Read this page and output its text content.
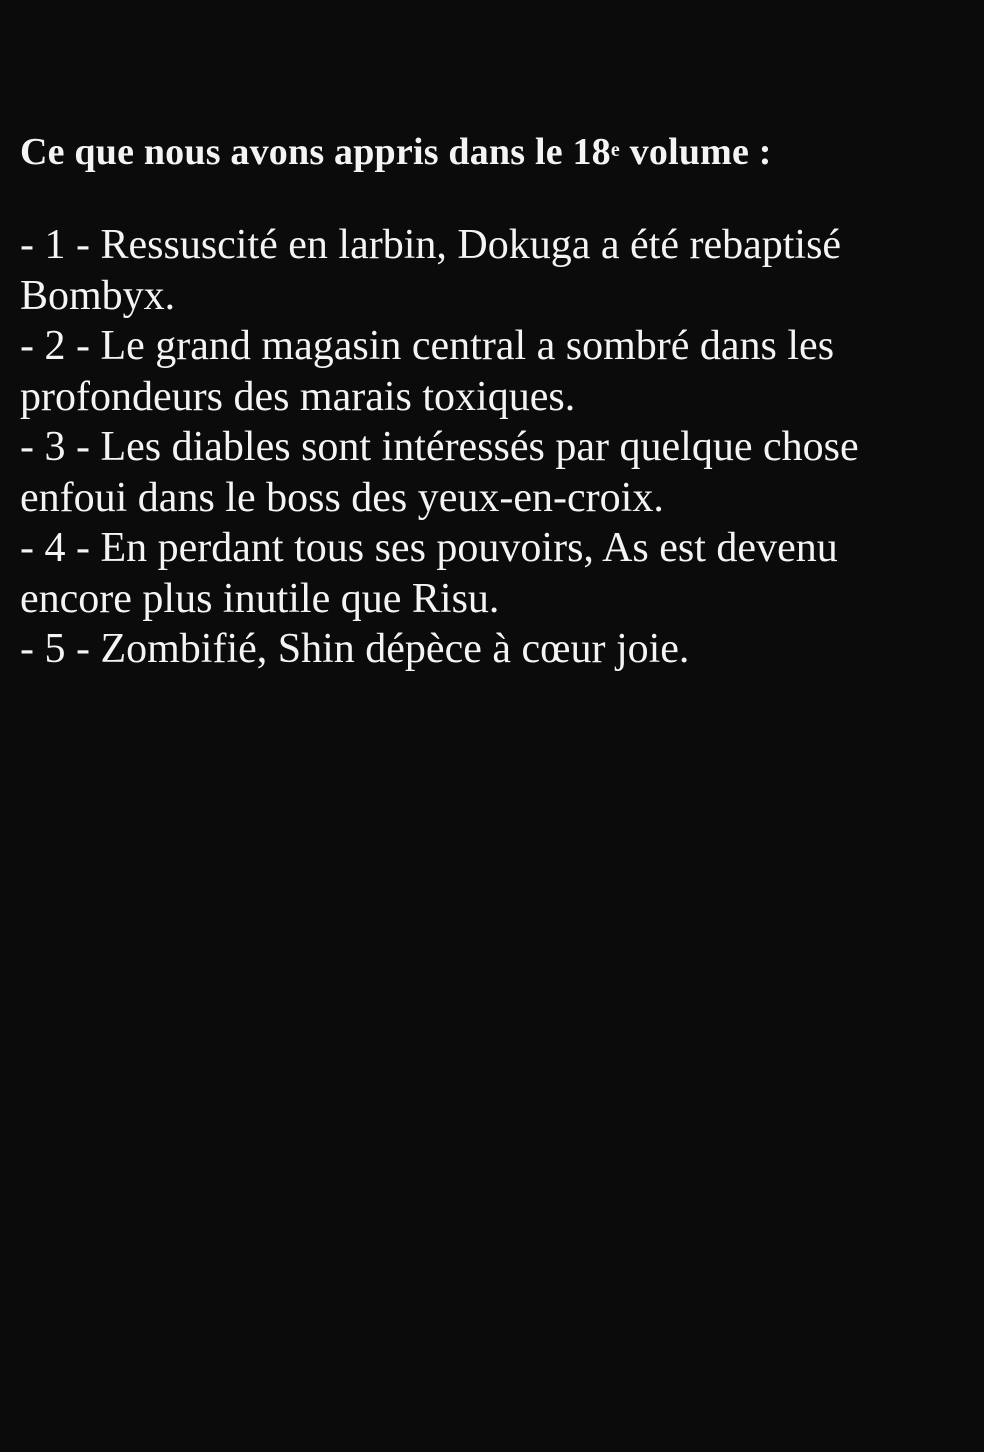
Ce que nous avons appris dans le 18e volume :

- 1 - Ressuscité en larbin, Dokuga a été rebaptisé Bombyx.

- 2 - Le grand magasin central a sombré dans les profondeurs des marais toxiques.

- 3 - Les diables sont intéressés par quelque chose enfoui dans le boss des yeux-en-croix.

- 4 - En perdant tous ses pouvoirs, As est devenu encore plus inutile que Risu.

- 5 - Zombifié, Shin dépèce à cœur joie.
